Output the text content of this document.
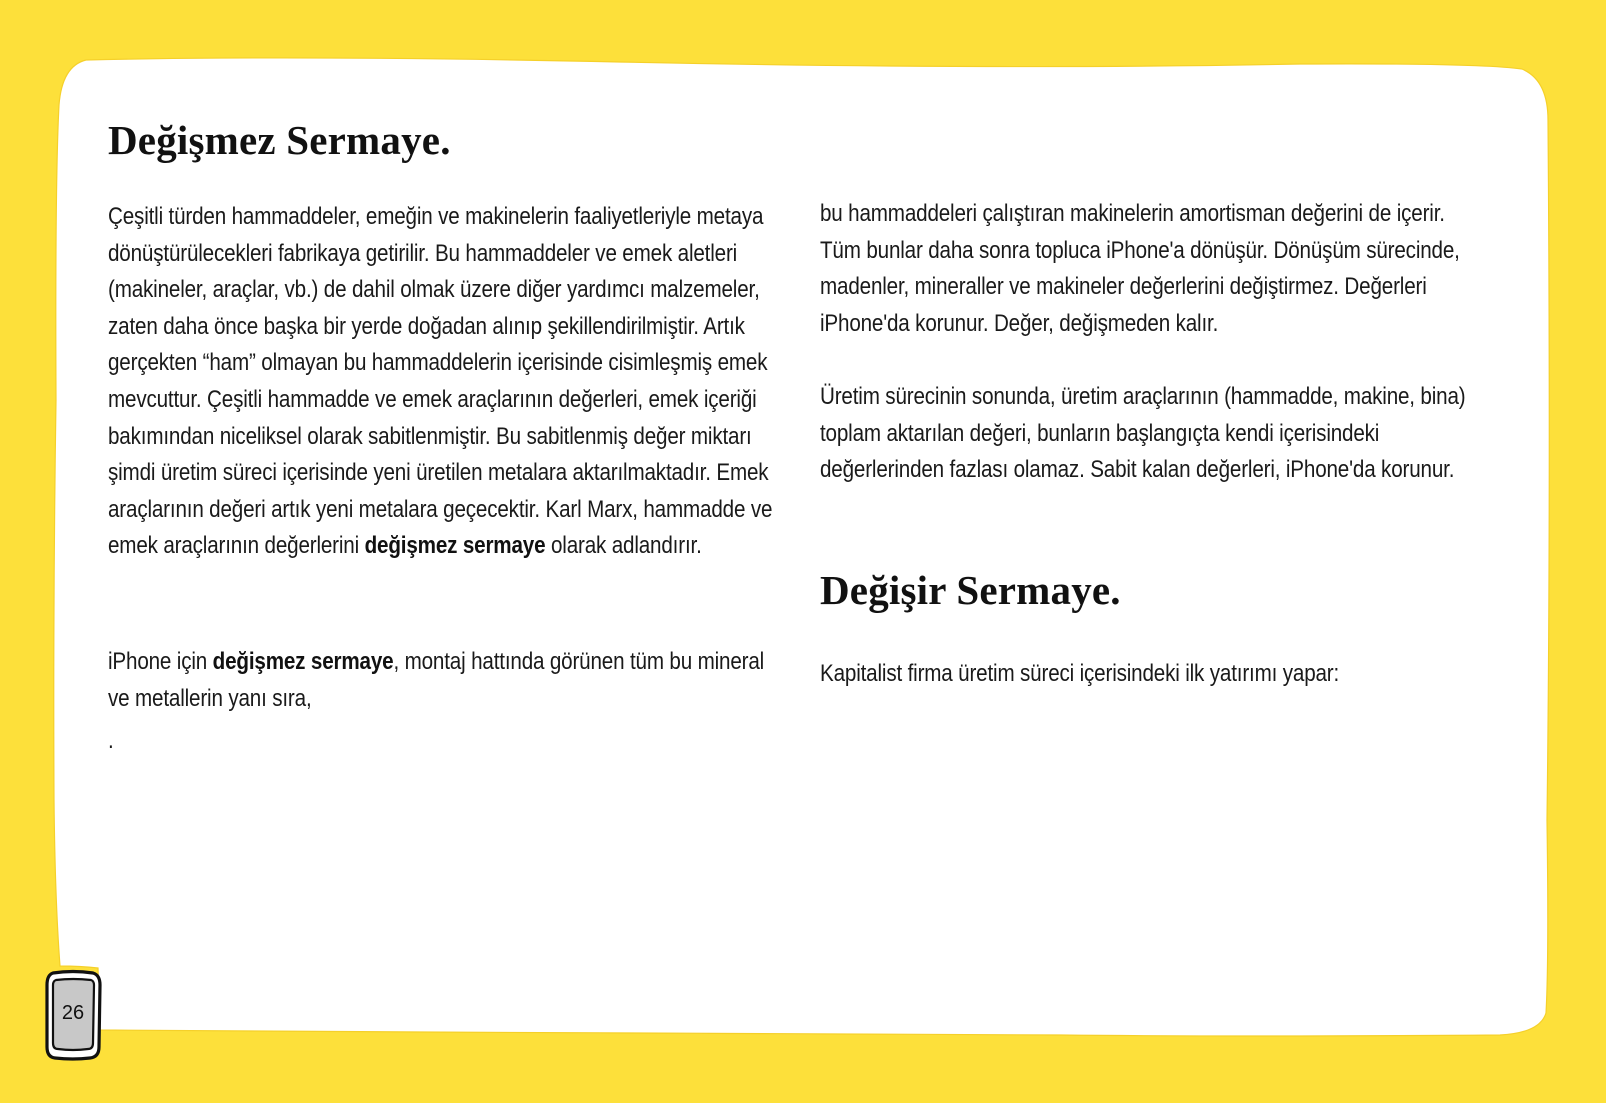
Değişmez Sermaye.

Çeşitli türden hammaddeler, emeğin ve makinelerin faaliyetleriyle metaya dönüştürülecekleri fabrikaya getirilir. Bu hammaddeler ve emek aletleri (makineler, araçlar, vb.) de dahil olmak üzere diğer yardımcı malzemeler, zaten daha önce başka bir yerde doğadan alınıp şekillendirilmiştir. Artık gerçekten “ham” olmayan bu hammaddelerin içerisinde cisimleşmiş emek mevcuttur. Çeşitli hammadde ve emek araçlarının değerleri, emek içeriği bakımından niceliksel olarak sabitlenmiştir. Bu sabitlenmiş değer miktarı şimdi üretim süreci içerisinde yeni üretilen metalara aktarılmaktadır. Emek araçlarının değeri artık yeni metalara geçecektir. Karl Marx, hammadde ve emek araçlarının değerlerini değişmez sermaye olarak adlandırır.

iPhone için değişmez sermaye, montaj hattında görünen tüm bu mineral ve metallerin yanı sıra,

.

bu hammaddeleri çalıştıran makinelerin amortisman değerini de içerir. Tüm bunlar daha sonra topluca iPhone'a dönüşür. Dönüşüm sürecinde, madenler, mineraller ve makineler değerlerini değiştirmez. Değerleri iPhone'da korunur. Değer, değişmeden kalır.

Üretim sürecinin sonunda, üretim araçlarının (hammadde, makine, bina) toplam aktarılan değeri, bunların başlangıçta kendi içerisindeki değerlerinden fazlası olamaz. Sabit kalan değerleri, iPhone'da korunur.

Değişir Sermaye.

Kapitalist firma üretim süreci içerisindeki ilk yatırımı yapar:

26
